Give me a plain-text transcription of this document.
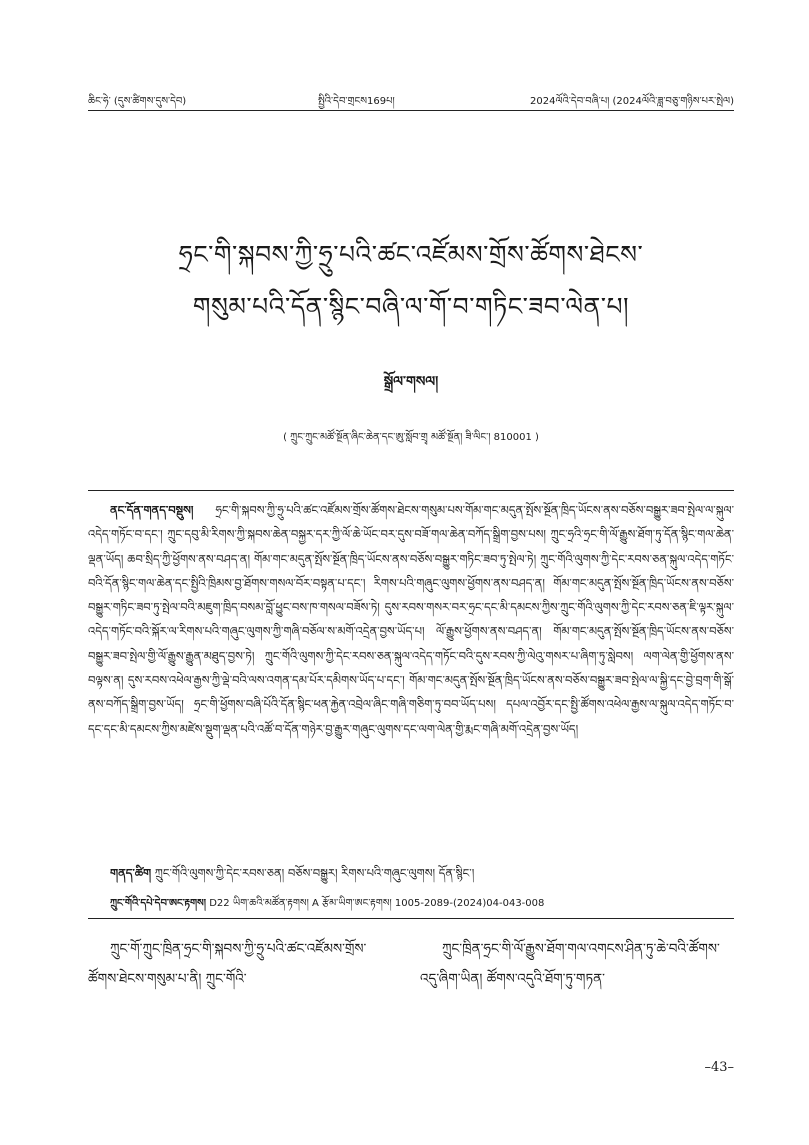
ཆིང་ཧེ་ (དུས་ཚིགས་དུས་དེབ)	སྤྱིའི་དེབ་གྲངས169པ།	2024ལོའི་དེབ་བཞི་པ། (2024ལོའི་ཟླ་བཅུ་གཉིས་པར་སྤེལ)
ཧྲང་གི་སྐབས་ཀྱི་ཧྲུ་པའི་ཚང་འཛོམས་གྲོས་ཚོགས་ཐེངས་
གསུམ་པའི་དོན་སྙིང་བཞི་ལ་གོ་བ་གཏིང་ཟབ་ལེན་པ།
སྒྲོལ་གསལ།
( ཀྲུང་ཀྲུང་མཚོ་སྔོན་ཞིང་ཆེན་དང་ཨུ་སློབ་གྲྭ མཚོ་སྔོན། ཟི་ལིང་། 810001 )

ནང་དོན་གནད་བསྡུས། ཧྲང་གི་སྐབས་ཀྱི་ཧྲུ་པའི་ཚང་འཛོམས་གྲོས་ཚོགས་ཐེངས་གསུམ་པས་གོམ་གང་མདུན་སྤོས་སྔོན་ཁྲིད་ཡོངས་ནས་བཅོས་བསྒྱུར་ཟབ་སྤེལ་ལ་སྐུལ་འདེད་གཏོང་བ་དང་། ཀྲུང་དབུ་མི་རིགས་ཀྱི་སྐབས་ཆེན་བསྐྱར་དར་ཀྱི་ལོ་ཆེ་ཡོང་བར་དུས་བཟོ་གལ་ཆེན་བཀོད་སྒྲིག་བྱས་པས། ཀྲུང་ཧྲའི་ཧྲང་གི་ལོ་རྒྱུས་ཐོག་ཏུ་དོན་སྙིང་གལ་ཆེན་ལྡན་ཡོད། ཆབ་སྲིད་ཀྱི་ཕྱོགས་ནས་བཤད་ན། གོམ་གང་མདུན་སྤོས་སྔོན་ཁྲིད་ཡོངས་ནས་བཅོས་བསྒྱུར་གཏིང་ཟབ་ཏུ་སྤེལ་ཏེ། ཀྲུང་གོའི་ལུགས་ཀྱི་དེང་རབས་ཅན་སྐུལ་འདེད་གཏོང་བའི་དོན་སྙིང་གལ་ཆེན་དང་སྤྱིའི་ཁྲིམས་བྱ་ཐོགས་གསལ་བོར་བསྟན་པ་དང་། རིགས་པའི་གཞུང་ལུགས་ཕྱོགས་ནས་བཤད་ན། གོམ་གང་མདུན་སྤོས་སྔོན་ཁྲིད་ཡོངས་ནས་བཅོས་བསྒྱུར་གཏིང་ཟབ་ཏུ་སྤེལ་བའི་མཇུག་ཁྲིད་བསམ་བློ་ཕྱུང་བས་ཁ་གསལ་བཟོས་ཏེ། དུས་རབས་གསར་བར་ཧྲང་དང་མི་དམངས་ཀྱིས་ཀྲུང་གོའི་ལུགས་ཀྱི་དེང་རབས་ཅན་ཇི་ལྟར་སྐུལ་འདེད་གཏོང་བའི་སྐོར་ལ་རིགས་པའི་གཞུང་ལུགས་ཀྱི་གཞི་བཅོལ་ས་མགོ་འདྲེན་བྱས་ཡོད་པ། ལོ་རྒྱུས་ཕྱོགས་ནས་བཤད་ན། གོམ་གང་མདུན་སྤོས་སྔོན་ཁྲིད་ཡོངས་ནས་བཅོས་བསྒྱུར་ཟབ་སྤེལ་གྱི་ལོ་རྒྱུས་རྒྱུན་མཐུད་བྱས་ཏེ། ཀྲུང་གོའི་ལུགས་ཀྱི་དེང་རབས་ཅན་སྐུལ་འདེད་གཏོང་བའི་དུས་རབས་ཀྱི་ལེའུ་གསར་པ་ཞིག་ཏུ་སླེབས། ལག་ལེན་གྱི་ཕྱོགས་ནས་བལྟས་ན། དུས་རབས་འཕེལ་རྒྱས་ཀྱི་ལྡེ་བའི་ལས་འགན་དམ་པོར་དམིགས་ཡོད་པ་དང་། གོམ་གང་མདུན་སྤོས་སྔོན་ཁྲིད་ཡོངས་ནས་བཅོས་བསྒྱུར་ཟབ་སྤེལ་ལ་སྐྱི་དང་བྱེ་བྲག་གི་སྒོ་ནས་བཀོད་སྒྲིག་བྱས་ཡོད། ཧྲང་གི་ཕྱོགས་བཞི་པོའི་དོན་སྙིང་ཕན་རྐྱེན་འབྲེལ་ཞིང་གཞི་གཅིག་ཏུ་བབ་ཡོད་པས། དཔལ་འབྱོར་དང་སྤྱི་ཚོགས་འཕེལ་རྒྱས་ལ་སྐུལ་འདེད་གཏོང་བ་དང་དང་མི་དམངས་ཀྱིས་མཛེས་སྡུག་ལྡན་པའི་འཚོ་བ་དོན་གཉེར་བྱ་རྒྱུར་གཞུང་ལུགས་དང་ལག་ལེན་གྱི་རྨང་གཞི་མགོ་འདྲེན་བྱས་ཡོད།

གནད་ཚིག ཀྲུང་གོའི་ལུགས་ཀྱི་དེང་རབས་ཅན། བཅོས་བསྒྱུར། རིགས་པའི་གཞུང་ལུགས། དོན་སྙིང་།
ཀྲུང་གོའི་དཔེ་དེབ་ཨང་རྟགས། D22 ཡིག་ཆའི་མཚོན་རྟགས། A རྩོམ་ཡིག་ཨང་རྟགས། 1005-2089-(2024)04-043-008

ཀྲུང་གོ་ཀྲུང་ཁྲིན་ཧྲང་གི་སྐབས་ཀྱི་ཧྲུ་པའི་ཚང་འཛོམས་གྲོས་ཚོགས་ཐེངས་གསུམ་པ་ནི། ཀྲུང་གོའི་

ཀྲུང་ཁྲིན་ཧྲང་གི་ལོ་རྒྱུས་ཐོག་གལ་འགངས་ཤིན་ཏུ་ཆེ་བའི་ཚོགས་འདུ་ཞིག་ཡིན། ཚོགས་འདུའི་ཐོག་ཏུ་གཏན་

–43–
